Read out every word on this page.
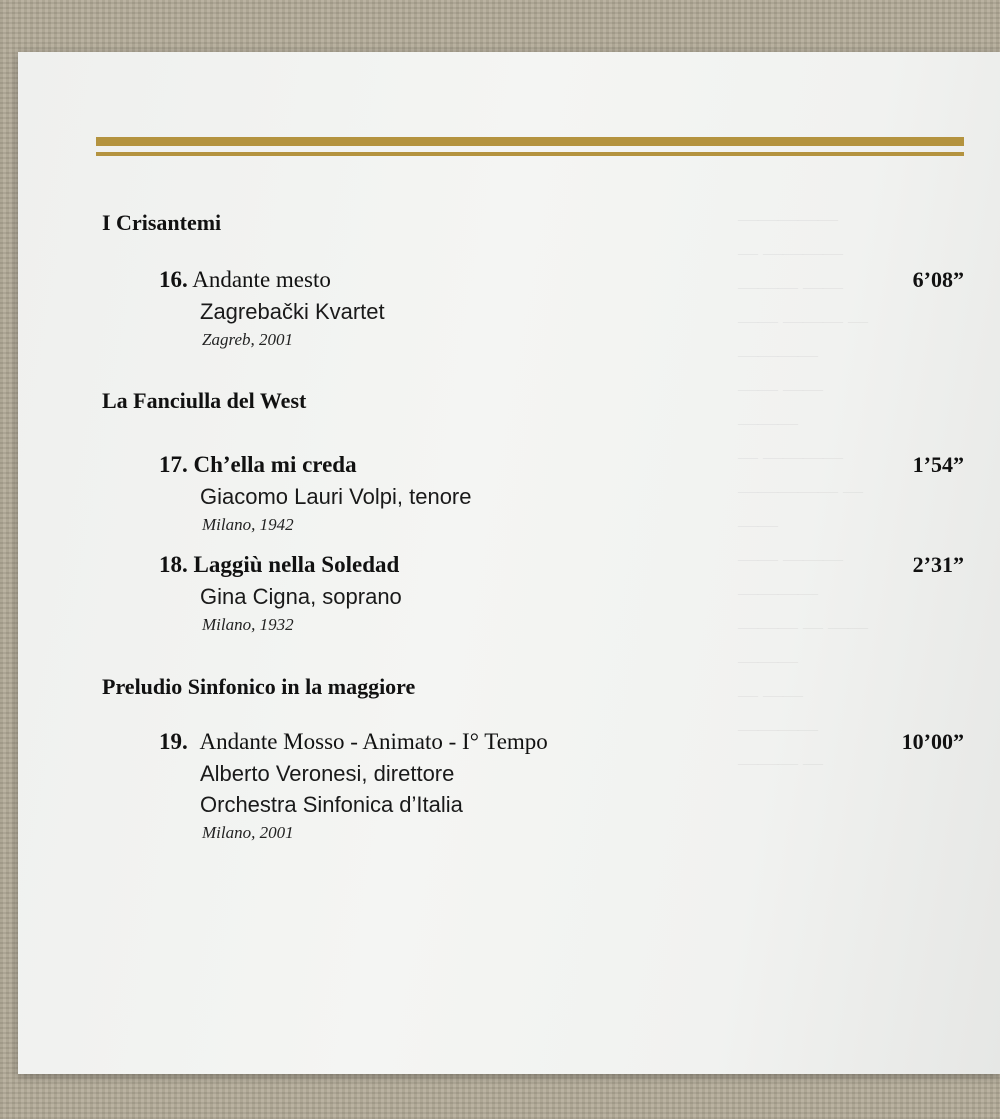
—————
— ————
——— ——
—— ——— —
————
—— ——
———
— ————
————— —
——
—— ———
————
——— — ——
———
— ——
————
——— —
I Crisantemi
16. Andante mesto	6’08”
Zagrebački Kvartet
Zagreb, 2001
La Fanciulla del West
17. Ch’ella mi creda	1’54”
Giacomo Lauri Volpi, tenore
Milano, 1942
18. Laggiù nella Soledad	2’31”
Gina Cigna, soprano
Milano, 1932
Preludio Sinfonico in la maggiore
19. Andante Mosso - Animato - I° Tempo	10’00”
Alberto Veronesi, direttore
Orchestra Sinfonica d’Italia
Milano, 2001
